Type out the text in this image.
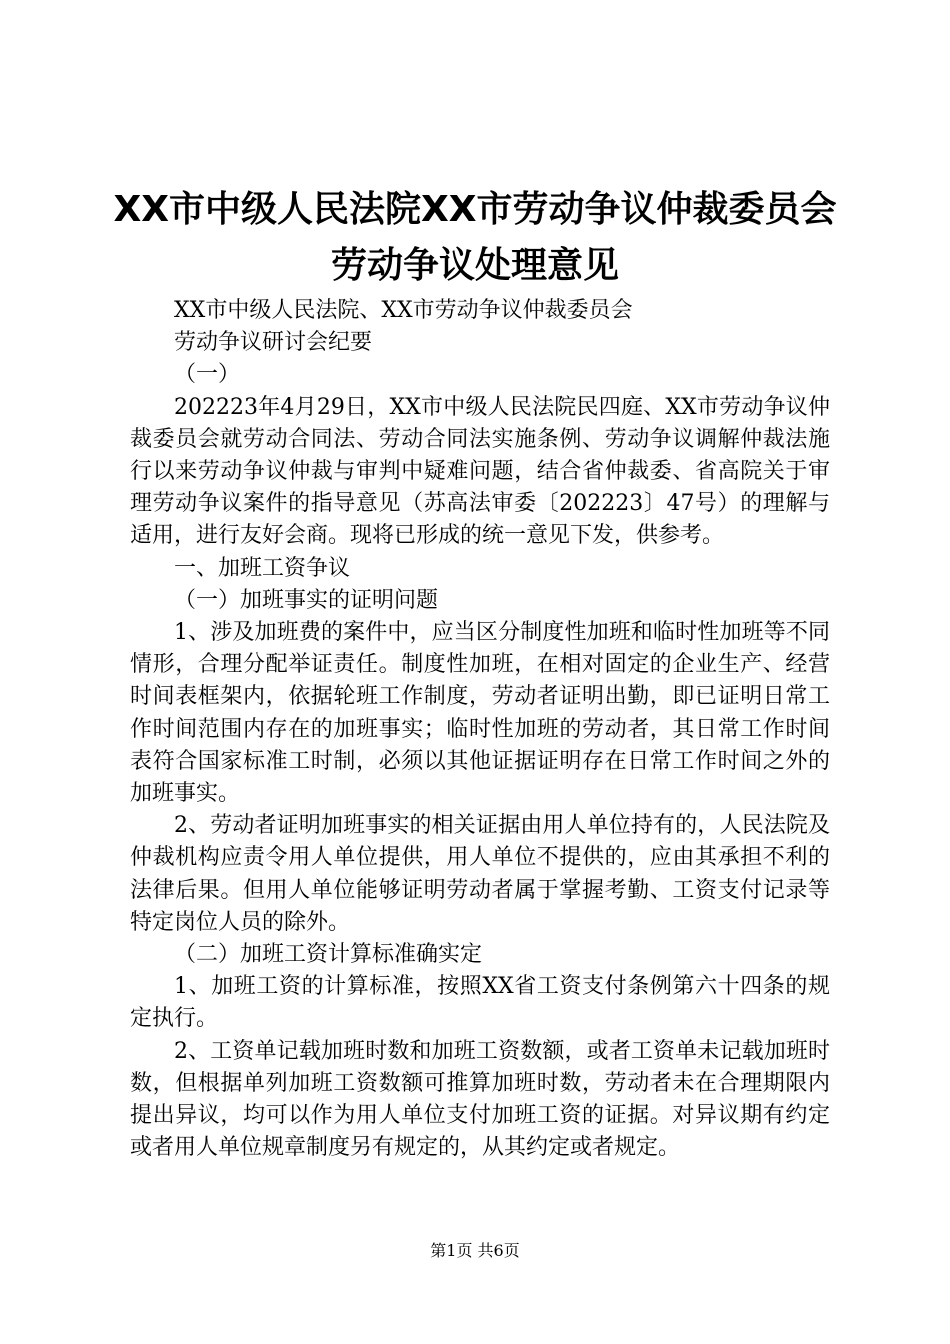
XX市中级人民法院XX市劳动争议仲裁委员会
劳动争议处理意见

XX市中级人民法院、XX市劳动争议仲裁委员会

劳动争议研讨会纪要

（一）

202223年4月29日，XX市中级人民法院民四庭、XX市劳动争议仲裁委员会就劳动合同法、劳动合同法实施条例、劳动争议调解仲裁法施行以来劳动争议仲裁与审判中疑难问题，结合省仲裁委、省高院关于审理劳动争议案件的指导意见（苏高法审委〔202223〕47号）的理解与适用，进行友好会商。现将已形成的统一意见下发，供参考。

一、加班工资争议

（一）加班事实的证明问题

1、涉及加班费的案件中，应当区分制度性加班和临时性加班等不同情形，合理分配举证责任。制度性加班，在相对固定的企业生产、经营时间表框架内，依据轮班工作制度，劳动者证明出勤，即已证明日常工作时间范围内存在的加班事实；临时性加班的劳动者，其日常工作时间表符合国家标准工时制，必须以其他证据证明存在日常工作时间之外的加班事实。

2、劳动者证明加班事实的相关证据由用人单位持有的，人民法院及仲裁机构应责令用人单位提供，用人单位不提供的，应由其承担不利的法律后果。但用人单位能够证明劳动者属于掌握考勤、工资支付记录等特定岗位人员的除外。

（二）加班工资计算标准确实定

1、加班工资的计算标准，按照XX省工资支付条例第六十四条的规定执行。

2、工资单记载加班时数和加班工资数额，或者工资单未记载加班时数，但根据单列加班工资数额可推算加班时数，劳动者未在合理期限内提出异议，均可以作为用人单位支付加班工资的证据。对异议期有约定或者用人单位规章制度另有规定的，从其约定或者规定。

第1页 共6页
